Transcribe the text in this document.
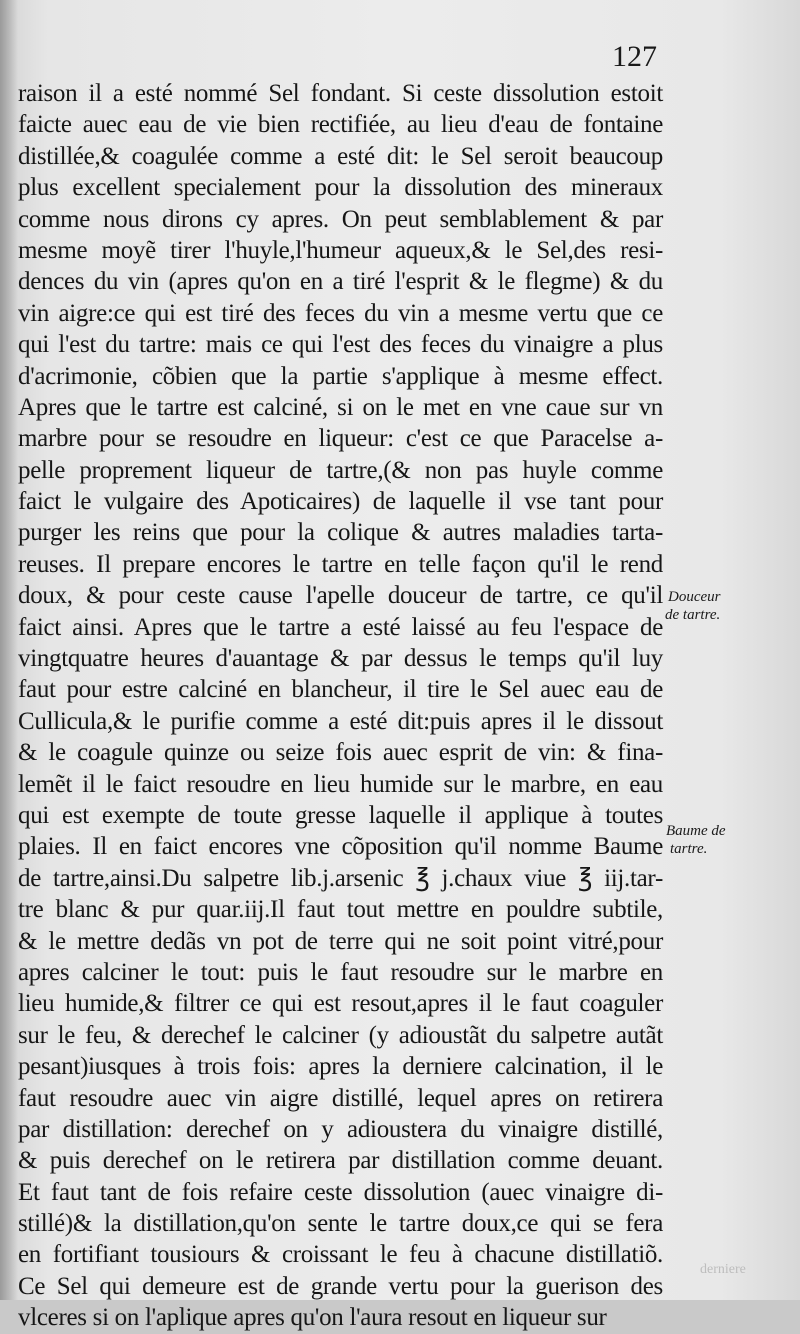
127
raison il a esté nommé Sel fondant. Si ceste dissolution estoit
faicte auec eau de vie bien rectifiée, au lieu d'eau de fontaine
distillée,& coagulée comme a esté dit: le Sel seroit beaucoup
plus excellent specialement pour la dissolution des mineraux
comme nous dirons cy apres. On peut semblablement & par
mesme moyẽ tirer l'huyle,l'humeur aqueux,& le Sel,des resi-
dences du vin (apres qu'on en a tiré l'esprit & le flegme) & du
vin aigre:ce qui est tiré des feces du vin a mesme vertu que ce
qui l'est du tartre: mais ce qui l'est des feces du vinaigre a plus
d'acrimonie, cõbien que la partie s'applique à mesme effect.
Apres que le tartre est calciné, si on le met en vne caue sur vn
marbre pour se resoudre en liqueur: c'est ce que Paracelse a-
pelle proprement liqueur de tartre,(& non pas huyle comme
faict le vulgaire des Apoticaires) de laquelle il vse tant pour
purger les reins que pour la colique & autres maladies tarta-
reuses. Il prepare encores le tartre en telle façon qu'il le rend
doux, & pour ceste cause l'apelle douceur de tartre, ce qu'il
faict ainsi. Apres que le tartre a esté laissé au feu l'espace de
vingtquatre heures d'auantage & par dessus le temps qu'il luy
faut pour estre calciné en blancheur, il tire le Sel auec eau de
Cullicula,& le purifie comme a esté dit:puis apres il le dissout
& le coagule quinze ou seize fois auec esprit de vin: & fina-
lemẽt il le faict resoudre en lieu humide sur le marbre, en eau
qui est exempte de toute gresse laquelle il applique à toutes
plaies. Il en faict encores vne cõposition qu'il nomme Baume
de tartre,ainsi.Du salpetre lib.j.arsenic ℥ j.chaux viue ℥ iij.tar-
tre blanc & pur quar.iij.Il faut tout mettre en pouldre subtile,
& le mettre dedãs vn pot de terre qui ne soit point vitré,pour
apres calciner le tout: puis le faut resoudre sur le marbre en
lieu humide,& filtrer ce qui est resout,apres il le faut coaguler
sur le feu, & derechef le calciner (y adioustãt du salpetre autãt
pesant)iusques à trois fois: apres la derniere calcination, il le
faut resoudre auec vin aigre distillé, lequel apres on retirera
par distillation: derechef on y adioustera du vinaigre distillé,
& puis derechef on le retirera par distillation comme deuant.
Et faut tant de fois refaire ceste dissolution (auec vinaigre di-
stillé)& la distillation,qu'on sente le tartre doux,ce qui se fera
en fortifiant tousiours & croissant le feu à chacune distillatiõ.
Ce Sel qui demeure est de grande vertu pour la guerison des
vlceres si on l'aplique apres qu'on l'aura resout en liqueur sur
Douceur
de tartre.
Baume de
tartre.
derniere
